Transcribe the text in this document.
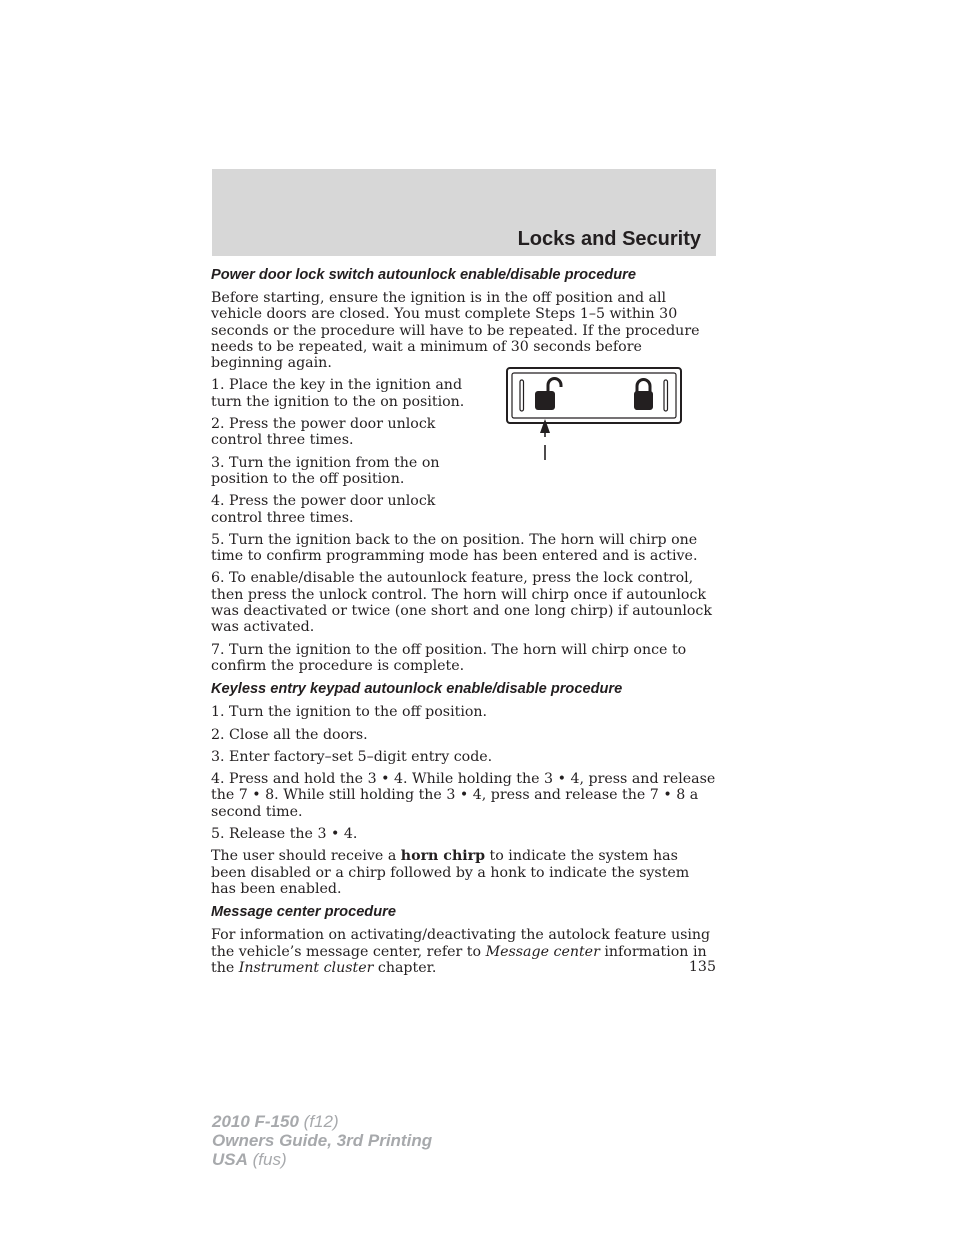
Locks and Security
Power door lock switch autounlock enable/disable procedure

Before starting, ensure the ignition is in the off position and all vehicle doors are closed. You must complete Steps 1–5 within 30 seconds or the procedure will have to be repeated. If the procedure needs to be repeated, wait a minimum of 30 seconds before beginning again.

1. Place the key in the ignition and turn the ignition to the on position.

2. Press the power door unlock control three times.

3. Turn the ignition from the on position to the off position.

4. Press the power door unlock control three times.

5. Turn the ignition back to the on position. The horn will chirp one time to confirm programming mode has been entered and is active.

6. To enable/disable the autounlock feature, press the lock control, then press the unlock control. The horn will chirp once if autounlock was deactivated or twice (one short and one long chirp) if autounlock was activated.

7. Turn the ignition to the off position. The horn will chirp once to confirm the procedure is complete.

Keyless entry keypad autounlock enable/disable procedure

1. Turn the ignition to the off position.

2. Close all the doors.

3. Enter factory–set 5–digit entry code.

4. Press and hold the 3 • 4. While holding the 3 • 4, press and release the 7 • 8. While still holding the 3 • 4, press and release the 7 • 8 a second time.

5. Release the 3 • 4.

The user should receive a horn chirp to indicate the system has been disabled or a chirp followed by a honk to indicate the system has been enabled.

Message center procedure

For information on activating/deactivating the autolock feature using the vehicle’s message center, refer to Message center information in the Instrument cluster chapter.	135
2010 F-150 (f12)
Owners Guide, 3rd Printing
USA (fus)
